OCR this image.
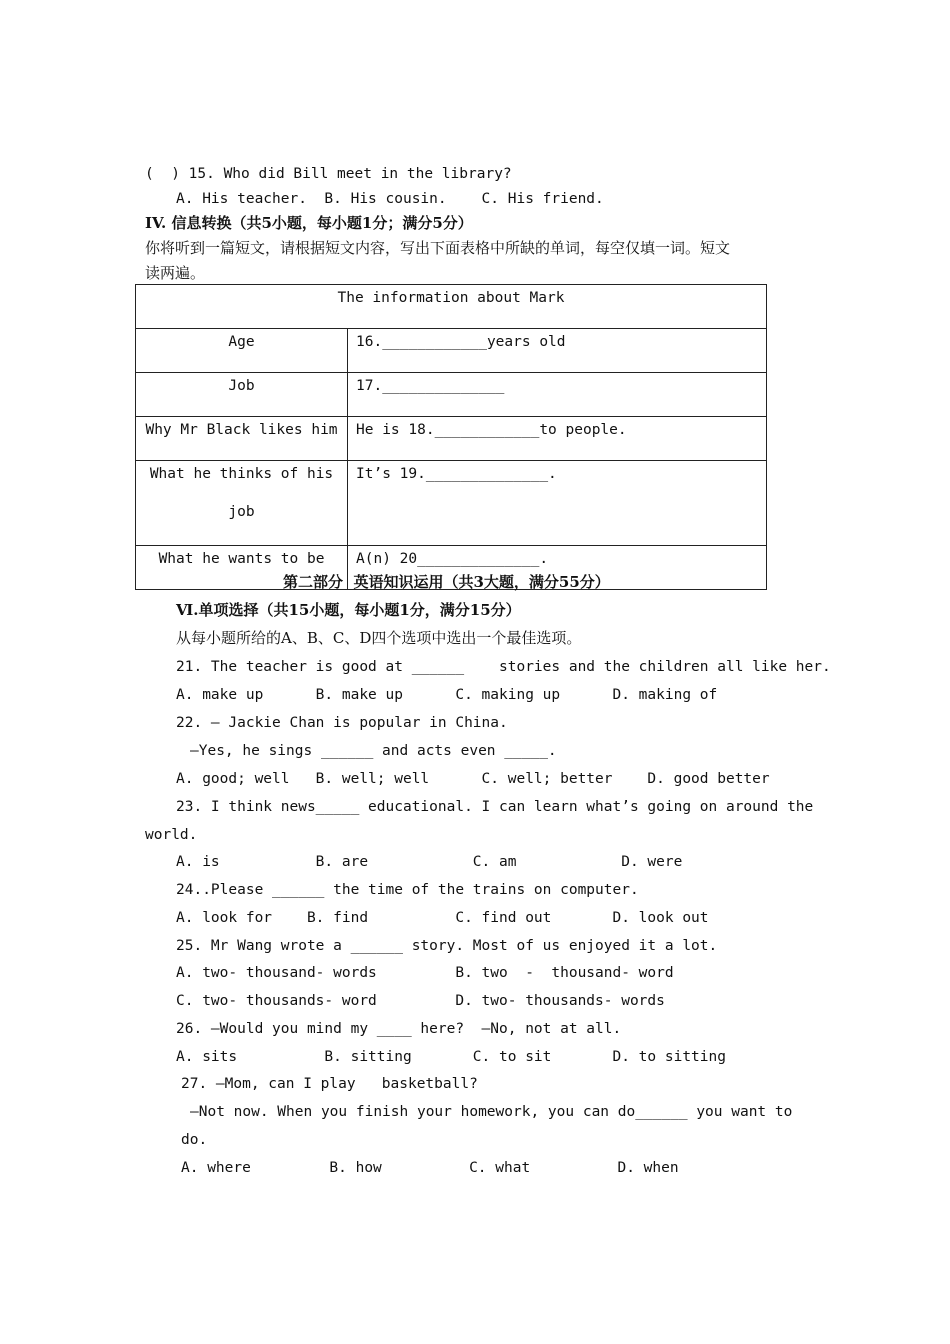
(  ) 15. Who did Bill meet in the library?
A. His teacher.  B. His cousin.    C. His friend.
IV. 信息转换（共5小题，每小题1分；满分5分）
你将听到一篇短文，请根据短文内容，写出下面表格中所缺的单词，每空仅填一词。短文
读两遍。
The information about Mark	
Age	16.____________years old
Job	17.______________
Why Mr Black likes him	He is 18.____________to people.

What he thinks of his
job	It’s 19.______________.
What he wants to be	A(n) 20______________.
第二部分  英语知识运用（共3大题，满分55分）
Ⅵ.单项选择（共15小题，每小题1分，满分15分）
从每小题所给的A、B、C、D四个选项中选出一个最佳选项。
21. The teacher is good at ______    stories and the children all like her.
A. make up      B. make up      C. making up      D. making of
22. — Jackie Chan is popular in China.
—Yes, he sings ______ and acts even _____.
A. good; well   B. well; well      C. well; better    D. good better
23. I think news_____ educational. I can learn what’s going on around the
world.
A. is           B. are            C. am            D. were
24..Please ______ the time of the trains on computer.
A. look for    B. find          C. find out       D. look out
25. Mr Wang wrote a ______ story. Most of us enjoyed it a lot.
A. two- thousand- words         B. two  -  thousand- word
C. two- thousands- word         D. two- thousands- words
26. —Would you mind my ____ here?  —No, not at all.
A. sits          B. sitting       C. to sit       D. to sitting
27. —Mom, can I play   basketball?
—Not now. When you finish your homework, you can do______ you want to
do.
A. where         B. how          C. what          D. when
